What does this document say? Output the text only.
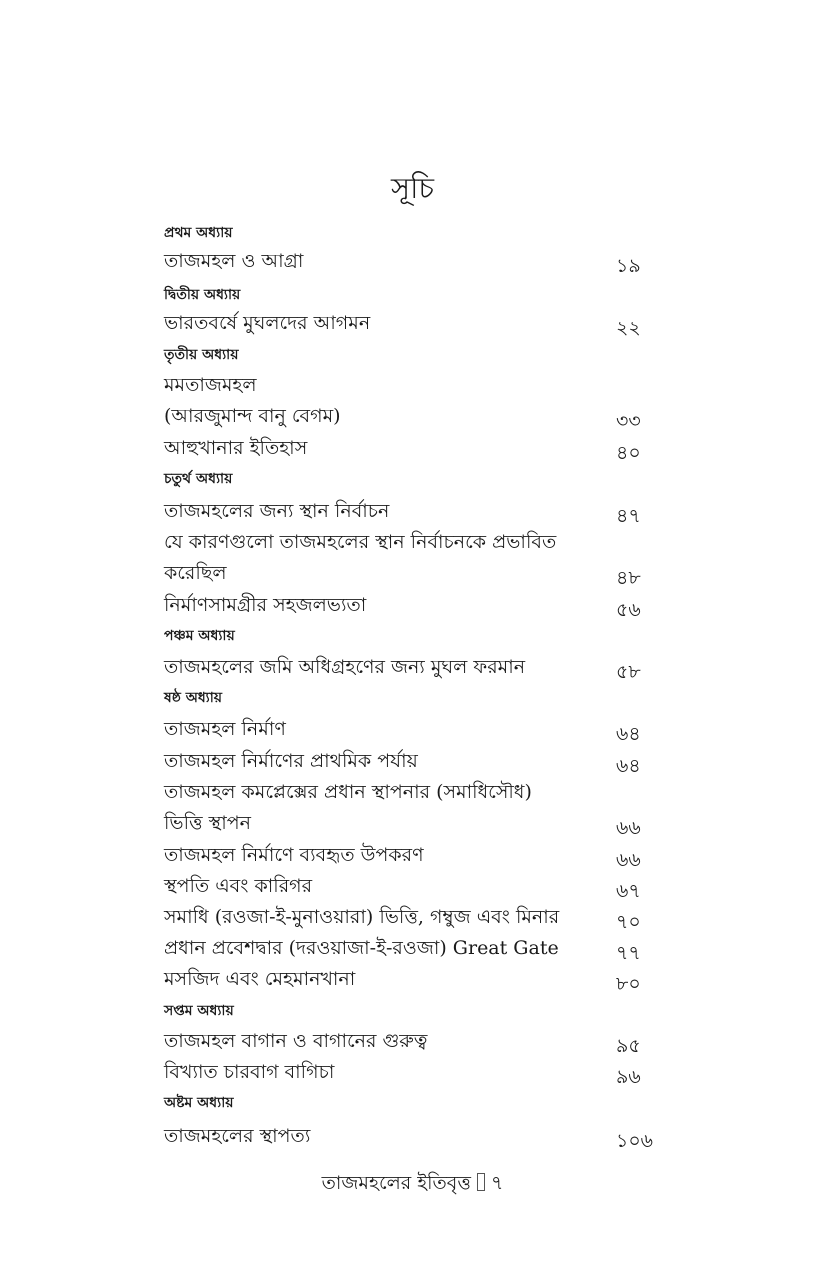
সূচি
প্রথম অধ্যায়
তাজমহল ও আগ্রা	১৯
দ্বিতীয় অধ্যায়
ভারতবর্ষে মুঘলদের আগমন	২২
তৃতীয় অধ্যায়
মমতাজমহল
(আরজুমান্দ বানু বেগম)	৩৩
আহুখানার ইতিহাস	৪০
চতুর্থ অধ্যায়
তাজমহলের জন্য স্থান নির্বাচন	৪৭
যে কারণগুলো তাজমহলের স্থান নির্বাচনকে প্রভাবিত
করেছিল	৪৮
নির্মাণসামগ্রীর সহজলভ্যতা	৫৬
পঞ্চম অধ্যায়
তাজমহলের জমি অধিগ্রহণের জন্য মুঘল ফরমান	৫৮
ষষ্ঠ অধ্যায়
তাজমহল নির্মাণ	৬৪
তাজমহল নির্মাণের প্রাথমিক পর্যায়	৬৪
তাজমহল কমপ্লেক্সের প্রধান স্থাপনার (সমাধিসৌধ)
ভিত্তি স্থাপন	৬৬
তাজমহল নির্মাণে ব্যবহৃত উপকরণ	৬৬
স্থপতি এবং কারিগর	৬৭
সমাধি (রওজা-ই-মুনাওয়ারা) ভিত্তি, গম্বুজ এবং মিনার	৭০
প্রধান প্রবেশদ্বার (দরওয়াজা-ই-রওজা) Great Gate	৭৭
মসজিদ এবং মেহমানখানা	৮০
সপ্তম অধ্যায়
তাজমহল বাগান ও বাগানের গুরুত্ব	৯৫
বিখ্যাত চারবাগ বাগিচা	৯৬
অষ্টম অধ্যায়
তাজমহলের স্থাপত্য	১০৬
তাজমহলের ইতিবৃত্ত ৭
